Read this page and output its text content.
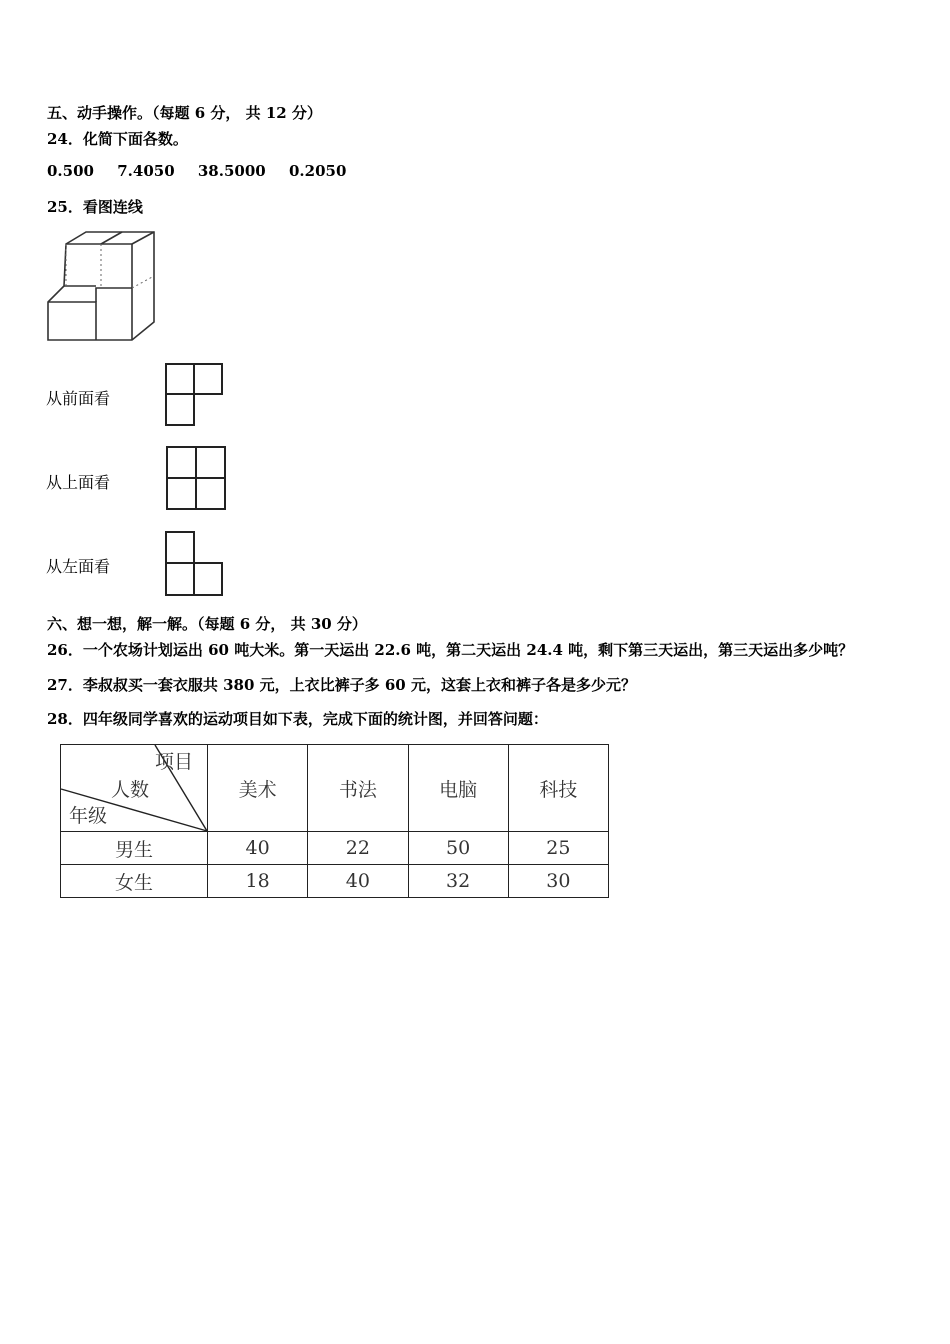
五、动手操作。（每题 6 分， 共 12 分）
24．化简下面各数。
0.500 7.4050 38.5000 0.2050
25．看图连线
从前面看
从上面看
从左面看
六、想一想，解一解。（每题 6 分， 共 30 分）
26．一个农场计划运出 60 吨大米。第一天运出 22.6 吨，第二天运出 24.4 吨，剩下第三天运出，第三天运出多少吨？
27．李叔叔买一套衣服共 380 元，上衣比裤子多 60 元，这套上衣和裤子各是多少元？
28．四年级同学喜欢的运动项目如下表，完成下面的统计图，并回答问题：
项目
人数
年级	美术	书法	电脑	科技
男生	40	22	50	25
女生	18	40	32	30
